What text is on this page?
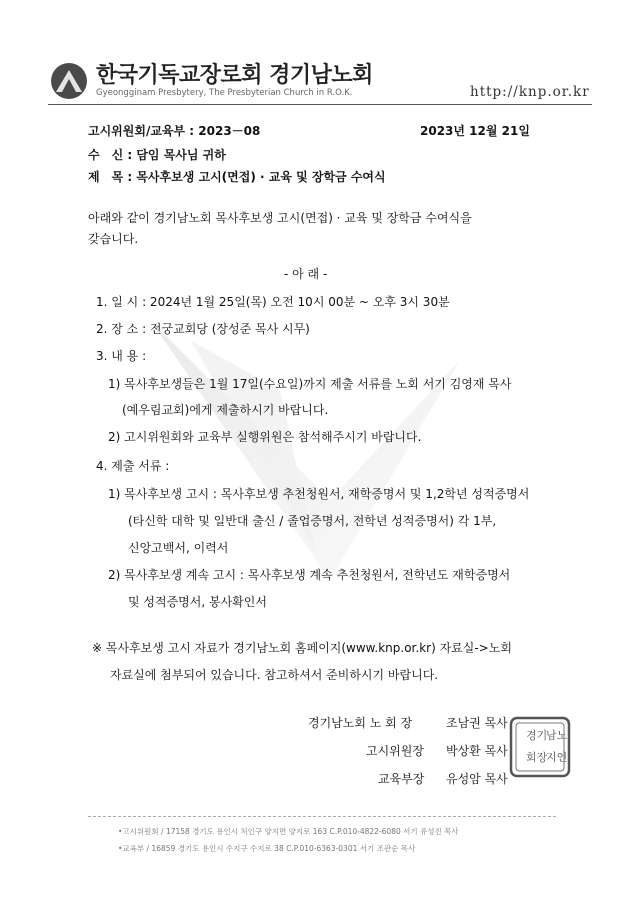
한국기독교장로회 경기남노회
Gyeongginam Presbytery, The Presbyterian Church in R.O.K.	http://knp.or.kr
고시위원회/교육부 : 2023－08	2023년 12월 21일
수　신 : 담임 목사님 귀하
제　목 : 목사후보생 고시(면접) · 교육 및 장학금 수여식
아래와 같이 경기남노회 목사후보생 고시(면접) · 교육 및 장학금 수여식을
갖습니다.
- 아 래 -
1. 일 시 : 2024년 1월 25일(목) 오전 10시 00분 ~ 오후 3시 30분
2. 장 소 : 전궁교회당 (장성준 목사 시무)
3. 내 용 :
1) 목사후보생들은 1월 17일(수요일)까지 제출 서류를 노회 서기 김영재 목사
(예우림교회)에게 제출하시기 바랍니다.
2) 고시위원회와 교육부 실행위원은 참석해주시기 바랍니다.
4. 제출 서류 :
1) 목사후보생 고시 : 목사후보생 추천청원서, 재학증명서 및 1,2학년 성적증명서
(타신학 대학 및 일반대 출신 / 졸업증명서, 전학년 성적증명서) 각 1부,
신앙고백서, 이력서
2) 목사후보생 계속 고시 : 목사후보생 계속 추천청원서, 전학년도 재학증명서
및 성적증명서, 봉사확인서
※ 목사후보생 고시 자료가 경기남노회 홈페이지(www.knp.or.kr) 자료실->노회
자료실에 첨부되어 있습니다. 참고하셔서 준비하시기 바랍니다.
경기남노회 노 회 장	조남권 목사
고시위원장 박상환 목사
교육부장 유성암 목사
경기
남노
회장
지인
•고시위원회 / 17158 경기도 용인시 처인구 양지면 양지로 163 C.P.010-4822-6080 서기 유성진 목사
•교육부 / 16859 경기도 용인시 수지구 수지로 38 C.P.010-6363-0301 서기 조관순 목사
